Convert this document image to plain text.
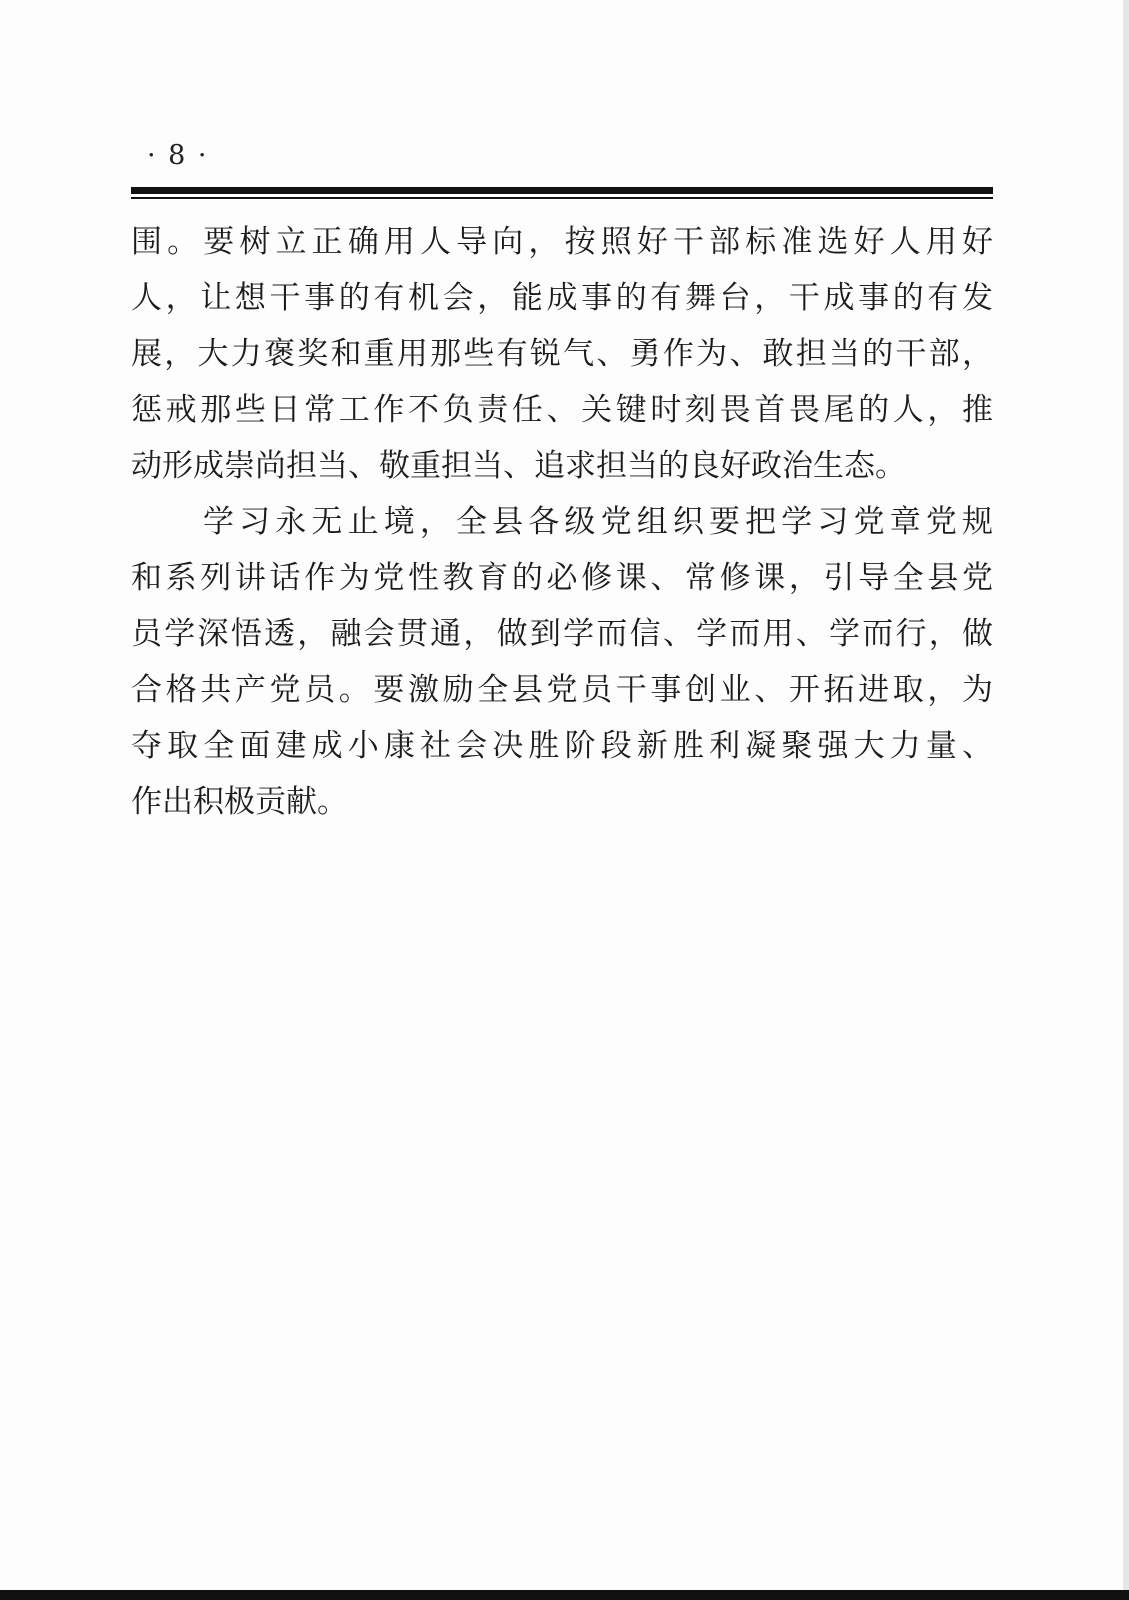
· 8 ·
围。要树立正确用人导向，按照好干部标准选好人用好
人，让想干事的有机会，能成事的有舞台，干成事的有发
展，大力褒奖和重用那些有锐气、勇作为、敢担当的干部，
惩戒那些日常工作不负责任、关键时刻畏首畏尾的人，推
动形成崇尚担当、敬重担当、追求担当的良好政治生态。
学习永无止境，全县各级党组织要把学习党章党规
和系列讲话作为党性教育的必修课、常修课，引导全县党
员学深悟透，融会贯通，做到学而信、学而用、学而行，做
合格共产党员。要激励全县党员干事创业、开拓进取，为
夺取全面建成小康社会决胜阶段新胜利凝聚强大力量、
作出积极贡献。
